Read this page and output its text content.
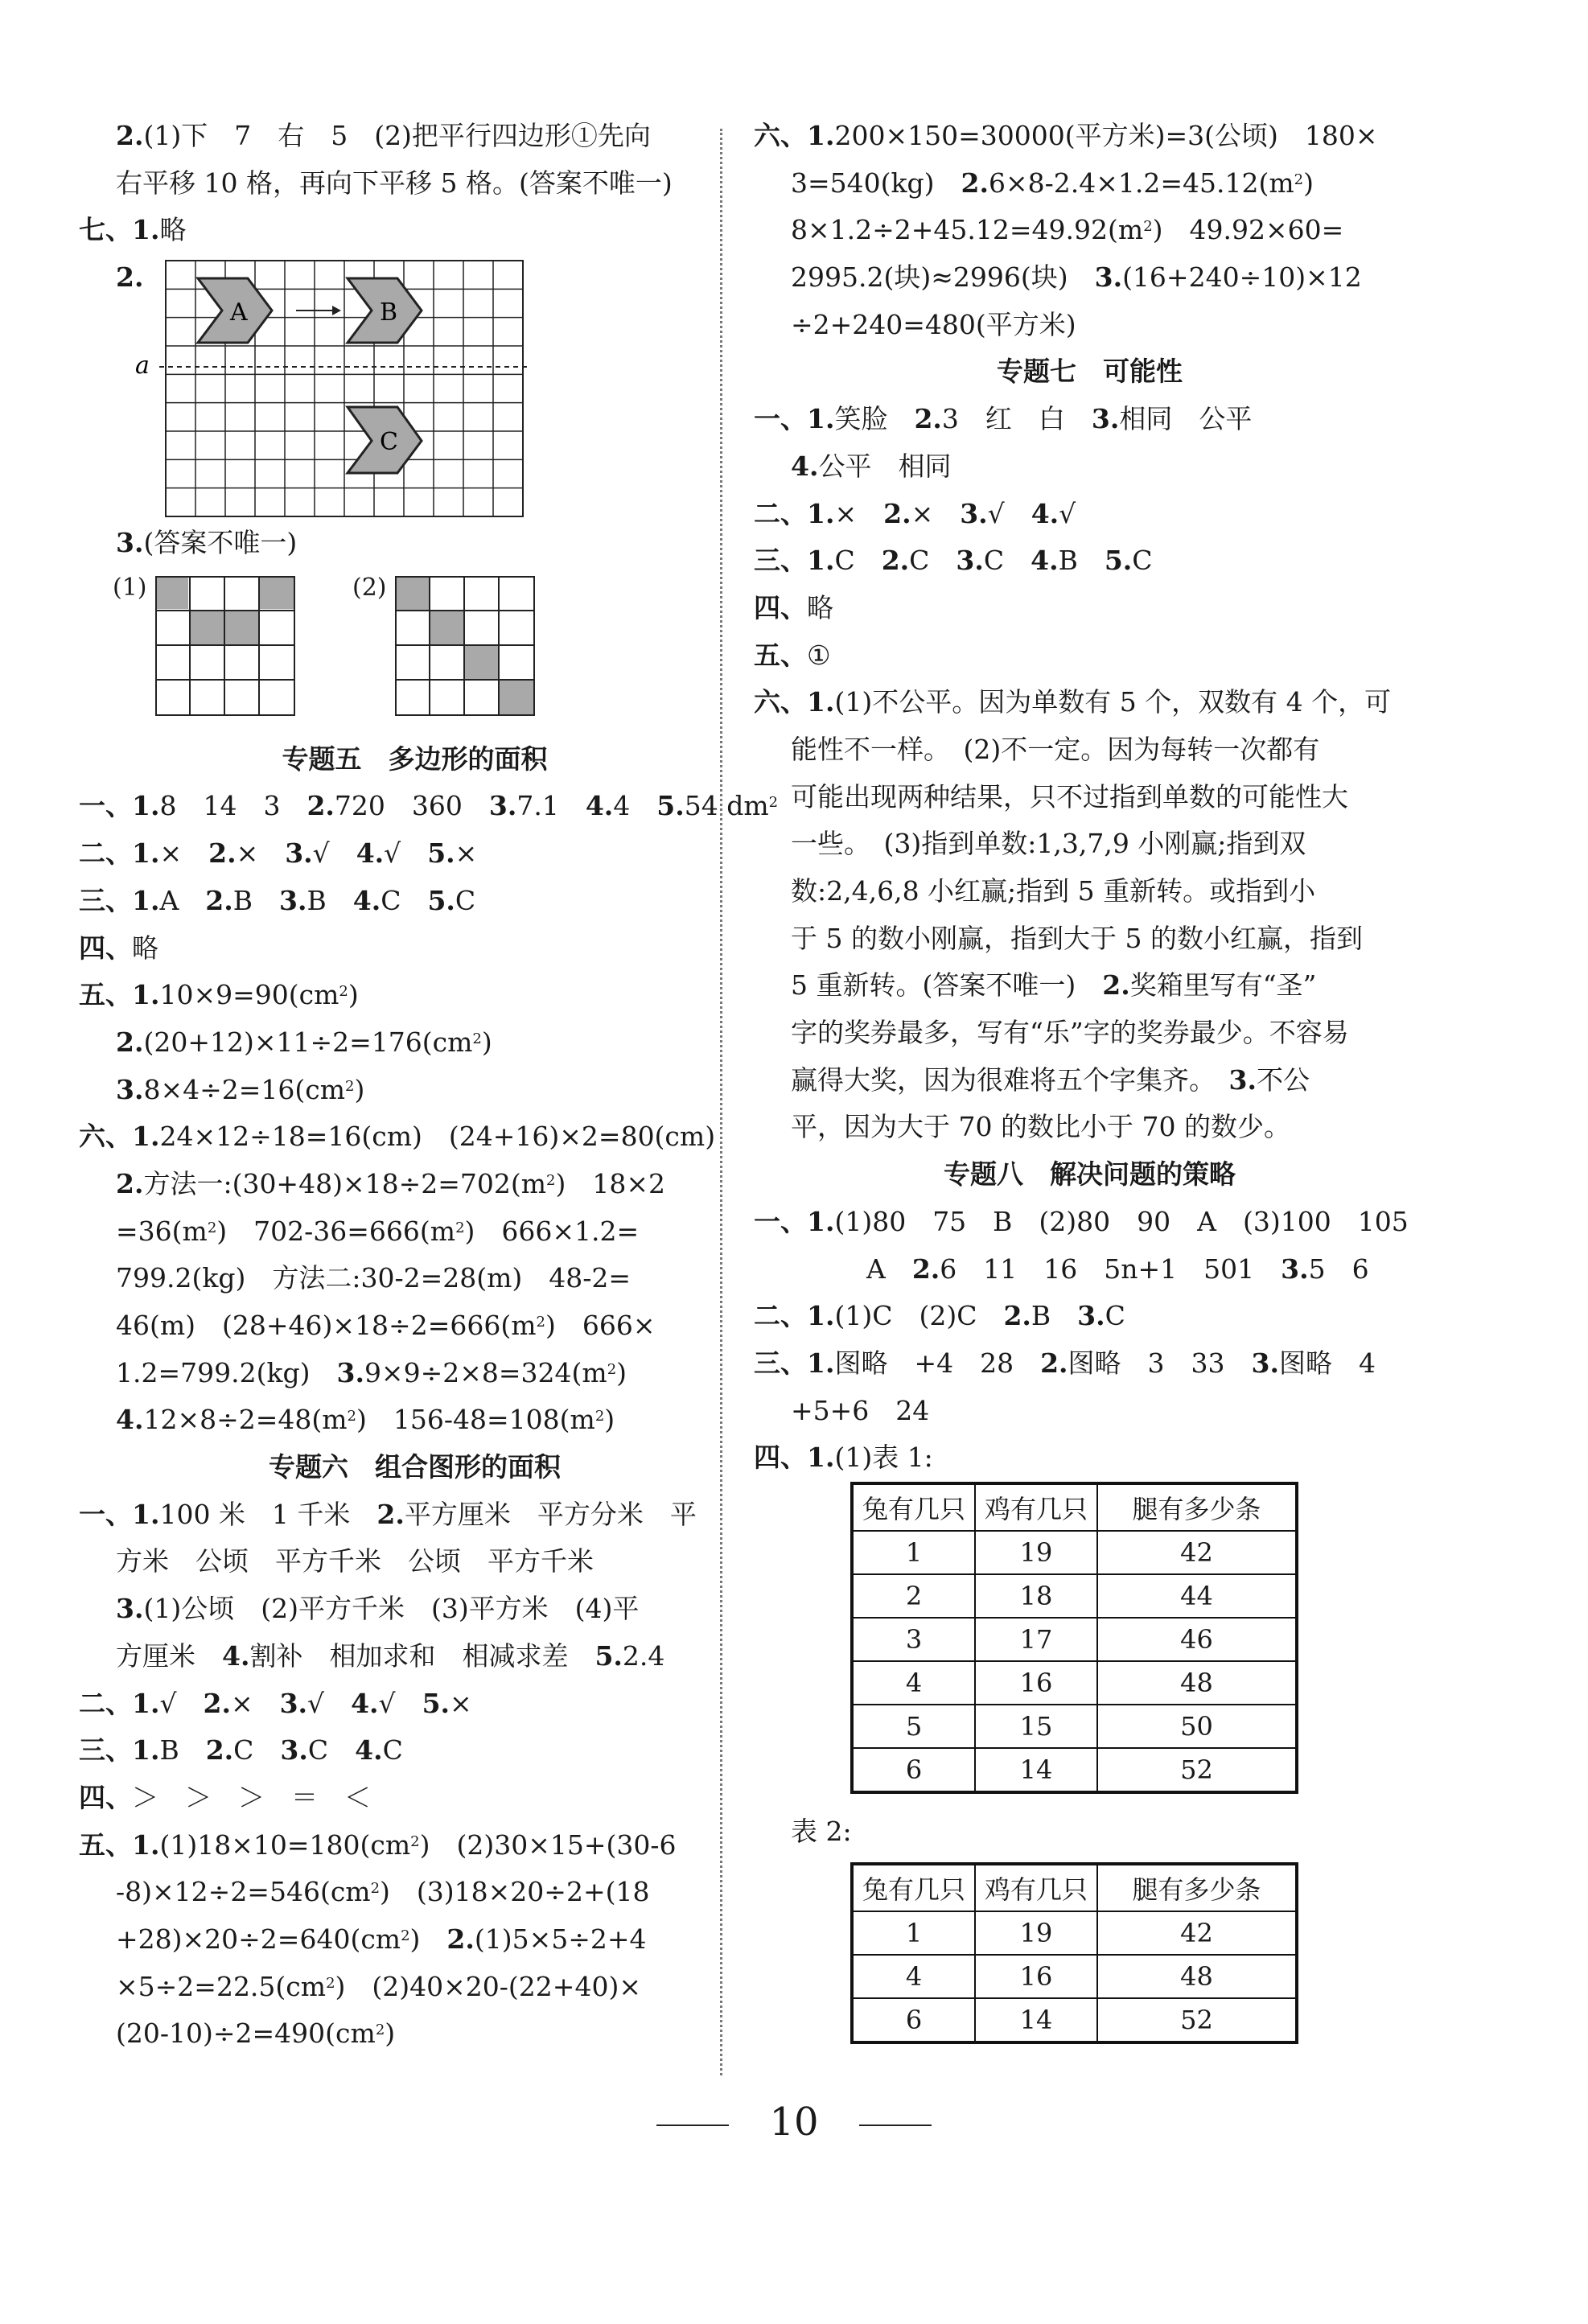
2.(1)下　7　右　5　(2)把平行四边形①先向
右平移 10 格，再向下平移 5 格。(答案不唯一)
七、1.略
2.
A	B
C
a
3.(答案不唯一)
(1)	(2)
专题五　多边形的面积
一、1.8　14　3　2.720　360　3.7.1　4.4　5.54 $dm^2$
二、1.×　2.×　3.√　4.√　5.×
三、1.A　2.B　3.B　4.C　5.C
四、略
五、$1.10\times 9=90(cm^2)$
$2.(20+12)\times 11\div 2=176(cm^2)$
$3.8\times 4\div 2=16(cm^2)$
六、1.24×12÷18=16(cm)　(24+16)×2=80(cm)
2.方法一$:(30+48)\times 18\div 2=702(m^2)$　18×2
$=36(m^2)$　$702-36=666(m^2)$　666×1.2=
799.2(kg)　方法二:30-2=28(m)　48-2=
46(m)　$(28+46)\times 18\div 2=666(m^2)$　666×
1.2=799.2(kg)　$3.9\times 9\div 2\times 8=324(m^2)$
$4.12\times 8\div 2=48(m^2)$　$156-48=108(m^2)$
专题六　组合图形的面积
一、1.100 米　1 千米　2.平方厘米　平方分米　平
方米　公顷　平方千米　公顷　平方千米
3.(1)公顷　(2)平方千米　(3)平方米　(4)平
方厘米　4.割补　相加求和　相减求差　5.2.4
二、1.√　2.×　3.√　4.√　5.×
三、1.B　2.C　3.C　4.C
四、＞　＞　＞　＝　＜
五、$1.(1)18\times 10=180(cm^2)$　(2)30×15+(30-6
$-8)\times 12\div 2=546(cm^2)$　(3)18×20÷2+(18
$+28)\times 20\div 2=640(cm^2)$　2.(1)5×5÷2+4
$\times 5\div 2=22.5(cm^2)$　(2)40×20-(22+40)×
$(20-10)\div 2=490(cm^2)$
六、1.200×150=30000(平方米)=3(公顷)　180×
3=540(kg)　$2.6\times 8-2.4\times 1.2=45.12(m^2)$
$8\times 1.2\div 2+45.12=49.92(m^2)$　49.92×60=
2995.2(块)≈2996(块)　3.(16+240÷10)×12
÷2+240=480(平方米)
专题七　可能性
一、1.笑脸　2.3　红　白　3.相同　公平
4.公平　相同
二、1.×　2.×　3.√　4.√
三、1.C　2.C　3.C　4.B　5.C
四、略
五、①
六、1.(1)不公平。因为单数有 5 个，双数有 4 个，可
能性不一样。　(2)不一定。因为每转一次都有
可能出现两种结果，只不过指到单数的可能性大
一些。　(3)指到单数:1,3,7,9 小刚赢;指到双
数:2,4,6,8 小红赢;指到 5 重新转。或指到小
于 5 的数小刚赢，指到大于 5 的数小红赢，指到
5 重新转。(答案不唯一)　2.奖箱里写有“圣”
字的奖券最多，写有“乐”字的奖券最少。不容易
赢得大奖，因为很难将五个字集齐。　3.不公
平，因为大于 70 的数比小于 70 的数少。
专题八　解决问题的策略
一、1.(1)80　75　B　(2)80　90　A　(3)100　105
A　2.6　11　16　5n+1　501　3.5　6
二、1.(1)C　(2)C　2.B　3.C
三、1.图略　+4　28　2.图略　3　33　3.图略　4
+5+6　24
四、1.(1)表 1:
兔有几只	鸡有几只	腿有多少条
1	19	42
2	18	44
3	17	46
4	16	48
5	15	50
6	14	52
表 2:
兔有几只	鸡有几只	腿有多少条
1	19	42
4	16	48
6	14	52
10
